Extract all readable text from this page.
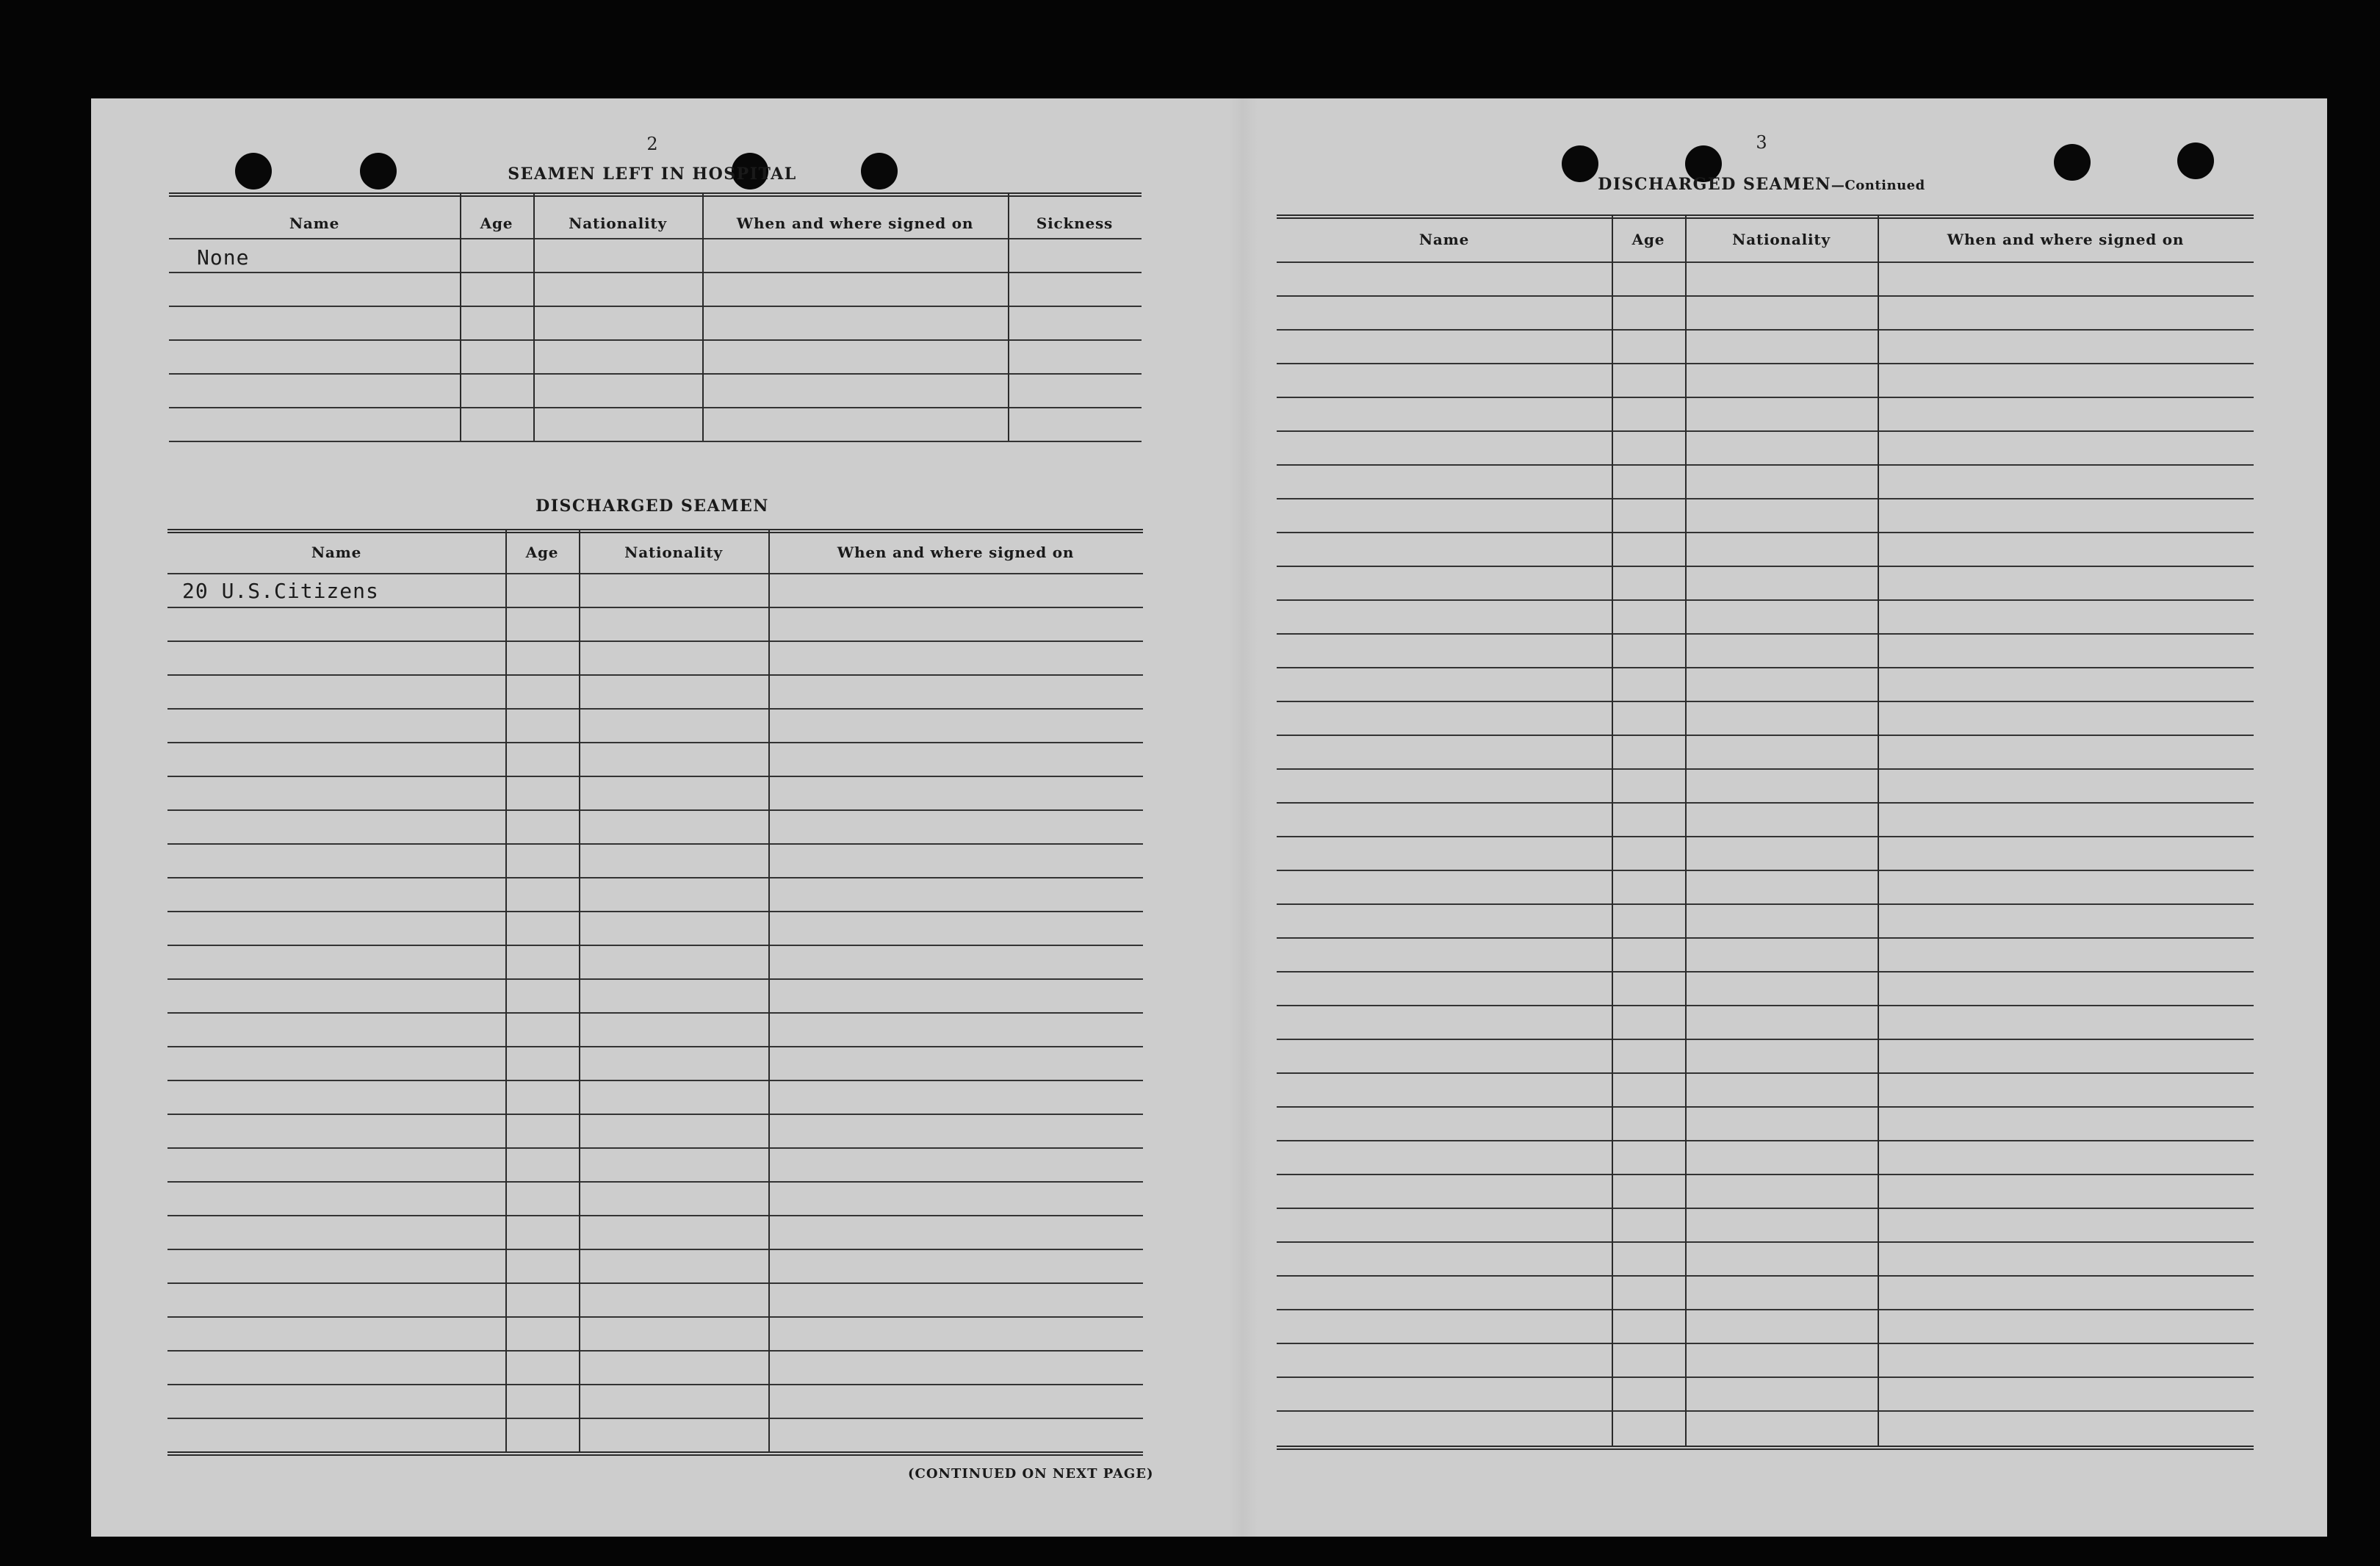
2
SEAMEN LEFT IN HOSPITAL
Name	Age	Nationality	When and where signed on	Sickness
None
DISCHARGED SEAMEN
Name	Age	Nationality	When and where signed on
20 U.S.Citizens
(CONTINUED ON NEXT PAGE)
3
DISCHARGED SEAMEN—Continued
Name	Age	Nationality	When and where signed on
